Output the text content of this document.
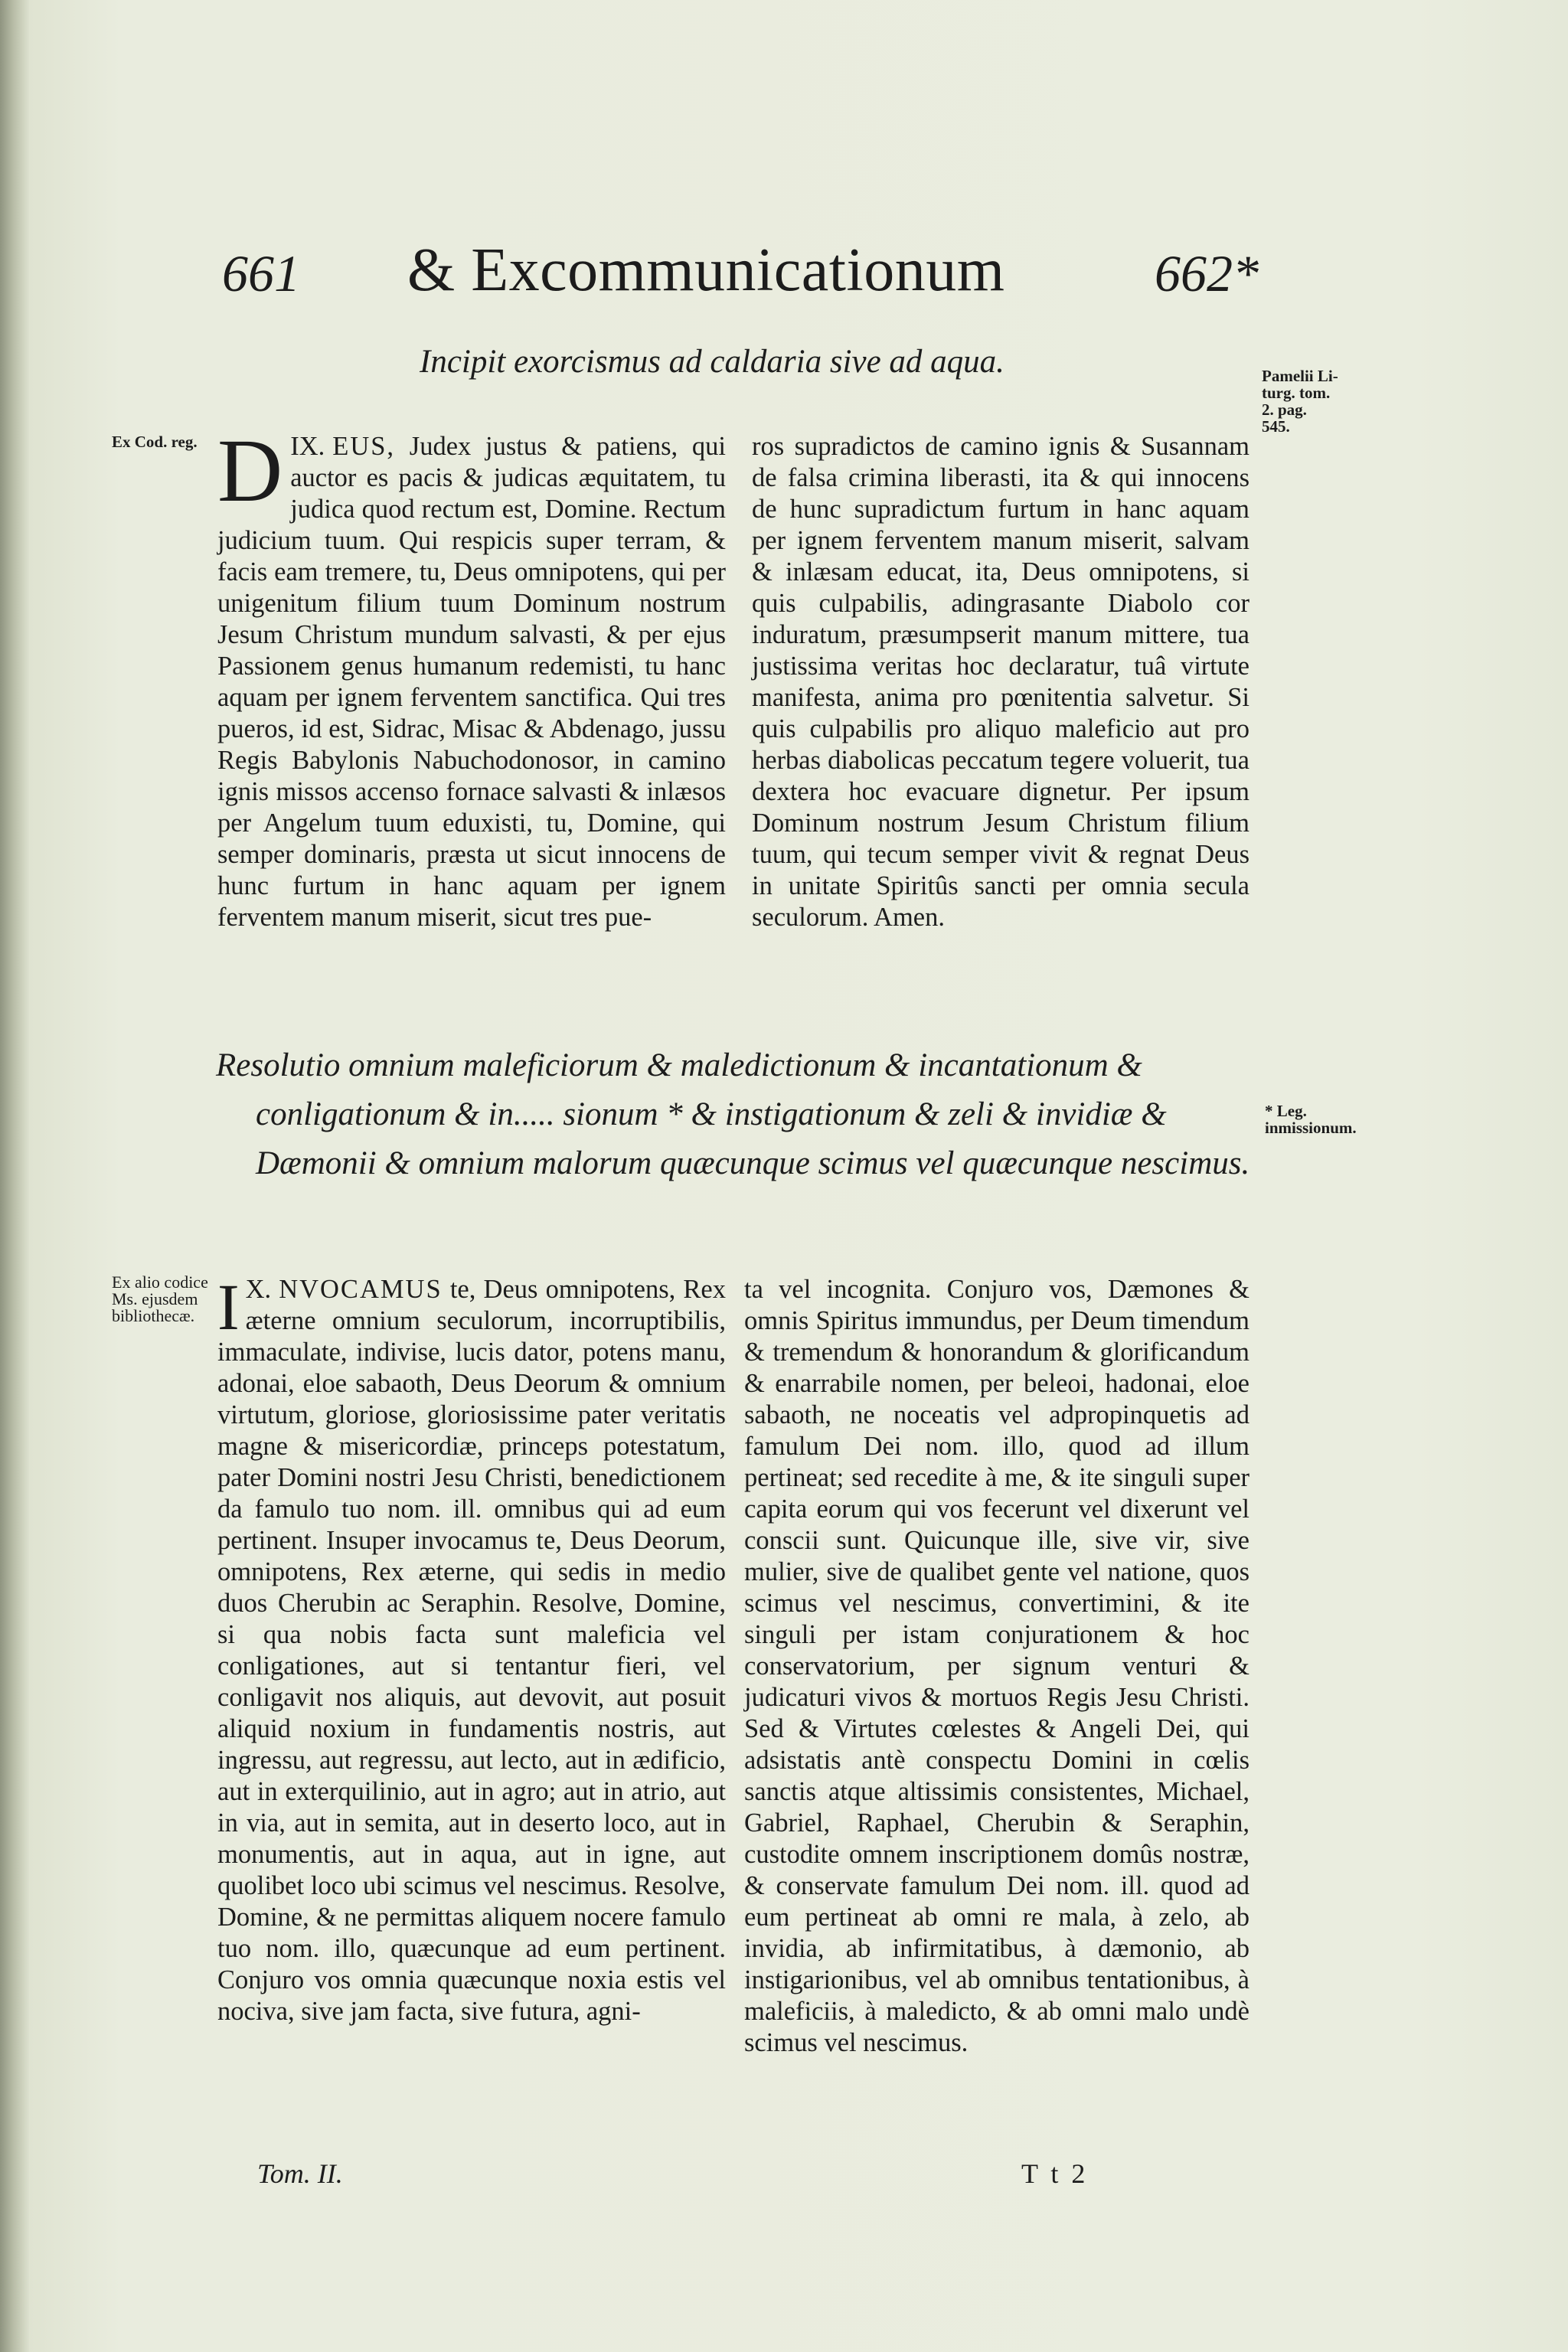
661 & Excommunicationum	662*
Incipit exorcismus ad caldaria sive ad aqua.	Pamelii Li-turg. tom. 2. pag. 545.
Ex Cod. reg.	IX.
D EUS, Judex justus & patiens, qui auctor es pacis & judicas æquitatem, tu judica quod rectum est, Domine. Rectum judicium tuum. Qui respicis super terram, & facis eam tremere, tu, Deus omnipotens, qui per unigenitum filium tuum Dominum nostrum Jesum Christum mundum salvasti, & per ejus Passionem genus humanum redemisti, tu hanc aquam per ignem ferventem sanctifica. Qui tres pueros, id est, Sidrac, Misac & Abdenago, jussu Regis Babylonis Nabuchodonosor, in camino ignis missos accenso fornace salvasti & inlæsos per Angelum tuum eduxisti, tu, Domine, qui semper dominaris, præsta ut sicut innocens de hunc furtum in hanc aquam per ignem ferventem manum miserit, sicut tres pue-

ros supradictos de camino ignis & Susannam de falsa crimina liberasti, ita & qui innocens de hunc supradictum furtum in hanc aquam per ignem ferventem manum miserit, salvam & inlæsam educat, ita, Deus omnipotens, si quis culpabilis, adingrasante Diabolo cor induratum, præsumpserit manum mittere, tua justissima veritas hoc declaratur, tuâ virtute manifesta, anima pro pœnitentia salvetur. Si quis culpabilis pro aliquo maleficio aut pro herbas diabolicas peccatum tegere voluerit, tua dextera hoc evacuare dignetur. Per ipsum Dominum nostrum Jesum Christum filium tuum, qui tecum semper vivit & regnat Deus in unitate Spiritûs sancti per omnia secula seculorum. Amen.

Resolutio omnium maleficiorum & maledictionum & incantationum & conligationum & in..... sionum * & instigationum & zeli & invidiæ & Dæmonii & omnium malorum quæcunque scimus vel quæcunque nescimus.
* Leg. inmissionum.
Ex alio codice Ms. ejusdem bibliothecæ.

X.
I NVOCAMUS te, Deus omnipotens, Rex æterne omnium seculorum, incorruptibilis, immaculate, indivise, lucis dator, potens manu, adonai, eloe sabaoth, Deus Deorum & omnium virtutum, gloriose, gloriosissime pater veritatis magne & misericordiæ, princeps potestatum, pater Domini nostri Jesu Christi, benedictionem da famulo tuo nom. ill. omnibus qui ad eum pertinent. Insuper invocamus te, Deus Deorum, omnipotens, Rex æterne, qui sedis in medio duos Cherubin ac Seraphin. Resolve, Domine, si qua nobis facta sunt maleficia vel conligationes, aut si tentantur fieri, vel conligavit nos aliquis, aut devovit, aut posuit aliquid noxium in fundamentis nostris, aut ingressu, aut regressu, aut lecto, aut in ædificio, aut in exterquilinio, aut in agro; aut in atrio, aut in via, aut in semita, aut in deserto loco, aut in monumentis, aut in aqua, aut in igne, aut quolibet loco ubi scimus vel nescimus. Resolve, Domine, & ne permittas aliquem nocere famulo tuo nom. illo, quæcunque ad eum pertinent. Conjuro vos omnia quæcunque noxia estis vel nociva, sive jam facta, sive futura, agni-

ta vel incognita. Conjuro vos, Dæmones & omnis Spiritus immundus, per Deum timendum & tremendum & honorandum & glorificandum & enarrabile nomen, per beleoi, hadonai, eloe sabaoth, ne noceatis vel adpropinquetis ad famulum Dei nom. illo, quod ad illum pertineat; sed recedite à me, & ite singuli super capita eorum qui vos fecerunt vel dixerunt vel conscii sunt. Quicunque ille, sive vir, sive mulier, sive de qualibet gente vel natione, quos scimus vel nescimus, convertimini, & ite singuli per istam conjurationem & hoc conservatorium, per signum venturi & judicaturi vivos & mortuos Regis Jesu Christi. Sed & Virtutes cœlestes & Angeli Dei, qui adsistatis antè conspectu Domini in cœlis sanctis atque altissimis consistentes, Michael, Gabriel, Raphael, Cherubin & Seraphin, custodite omnem inscriptionem domûs nostræ, & conservate famulum Dei nom. ill. quod ad eum pertineat ab omni re mala, à zelo, ab invidia, ab infirmitatibus, à dæmonio, ab instigarionibus, vel ab omnibus tentationibus, à maleficiis, à maledicto, & ab omni malo undè scimus vel nescimus.

Tom. II.	T t 2
